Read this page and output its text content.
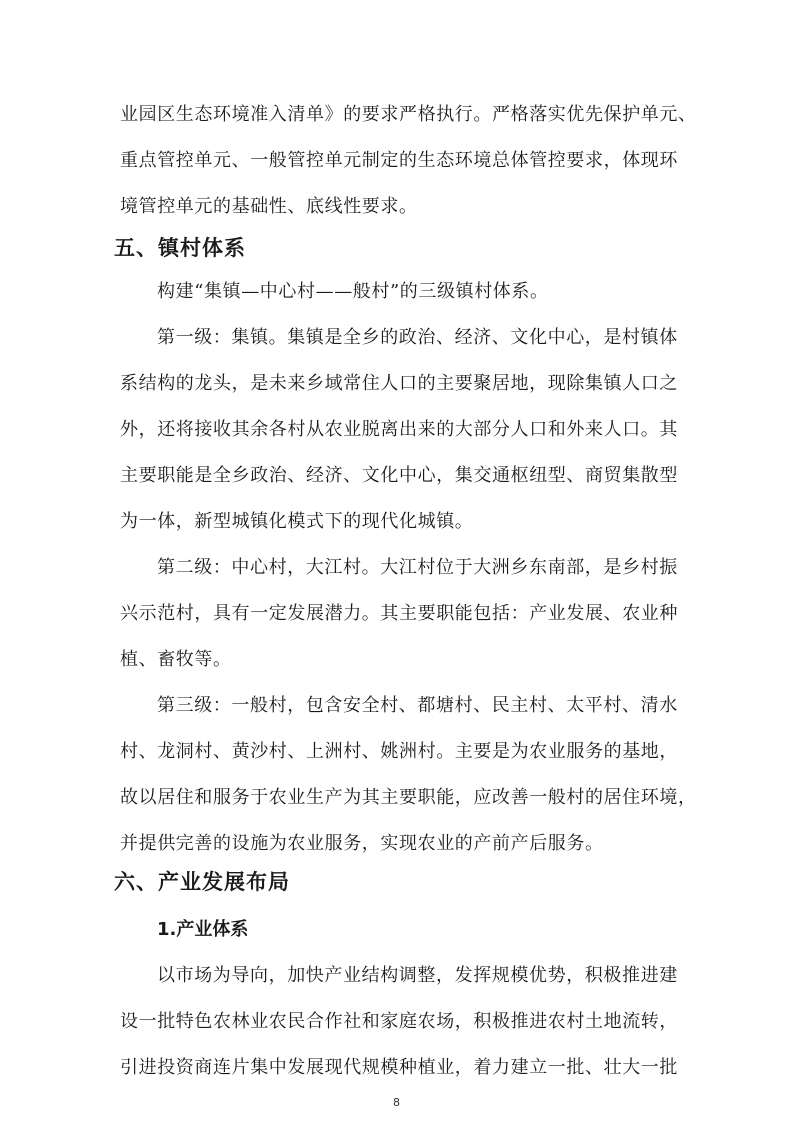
业园区生态环境准入清单》的要求严格执行。严格落实优先保护单元、
重点管控单元、一般管控单元制定的生态环境总体管控要求，体现环
境管控单元的基础性、底线性要求。
五、镇村体系
构建“集镇—中心村——般村”的三级镇村体系。
第一级：集镇。集镇是全乡的政治、经济、文化中心，是村镇体
系结构的龙头，是未来乡域常住人口的主要聚居地，现除集镇人口之
外，还将接收其余各村从农业脱离出来的大部分人口和外来人口。其
主要职能是全乡政治、经济、文化中心，集交通枢纽型、商贸集散型
为一体，新型城镇化模式下的现代化城镇。
第二级：中心村，大江村。大江村位于大洲乡东南部，是乡村振
兴示范村，具有一定发展潜力。其主要职能包括：产业发展、农业种
植、畜牧等。
第三级：一般村，包含安全村、都塘村、民主村、太平村、清水
村、龙洞村、黄沙村、上洲村、姚洲村。主要是为农业服务的基地，
故以居住和服务于农业生产为其主要职能，应改善一般村的居住环境，
并提供完善的设施为农业服务，实现农业的产前产后服务。
六、产业发展布局
1.产业体系
以市场为导向，加快产业结构调整，发挥规模优势，积极推进建
设一批特色农林业农民合作社和家庭农场，积极推进农村土地流转，
引进投资商连片集中发展现代规模种植业，着力建立一批、壮大一批
8
